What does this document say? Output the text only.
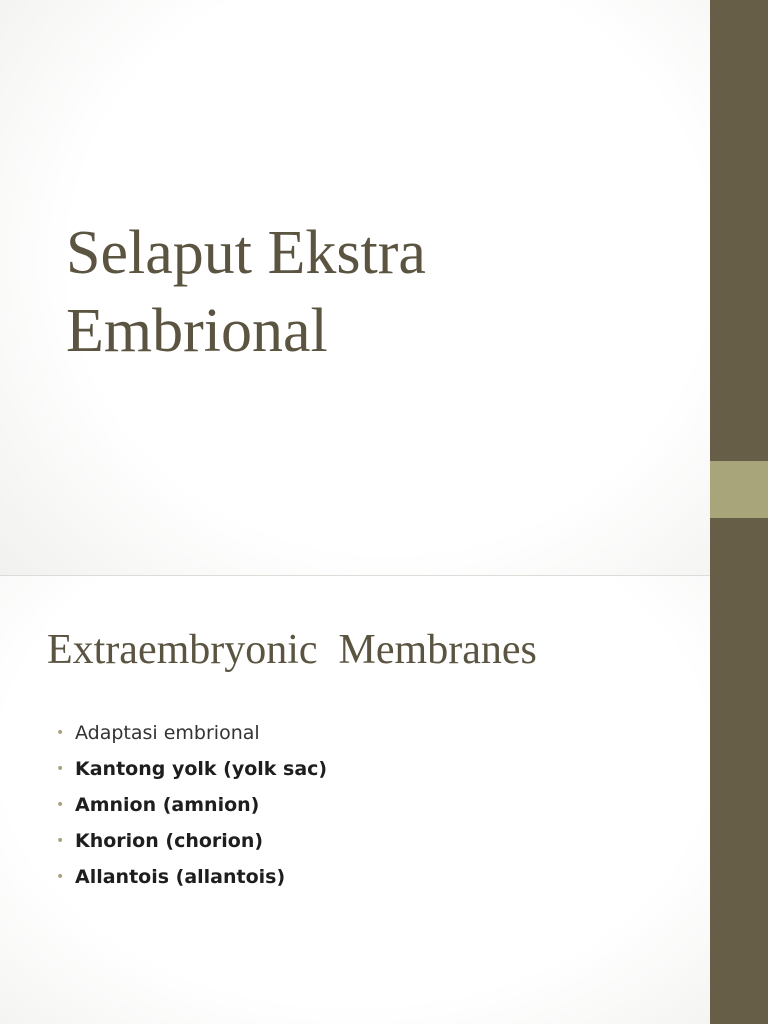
Selaput Ekstra
Embrional
Extraembryonic  Membranes
• Adaptasi embrional
• Kantong yolk (yolk sac)
• Amnion (amnion)
• Khorion (chorion)
• Allantois (allantois)
